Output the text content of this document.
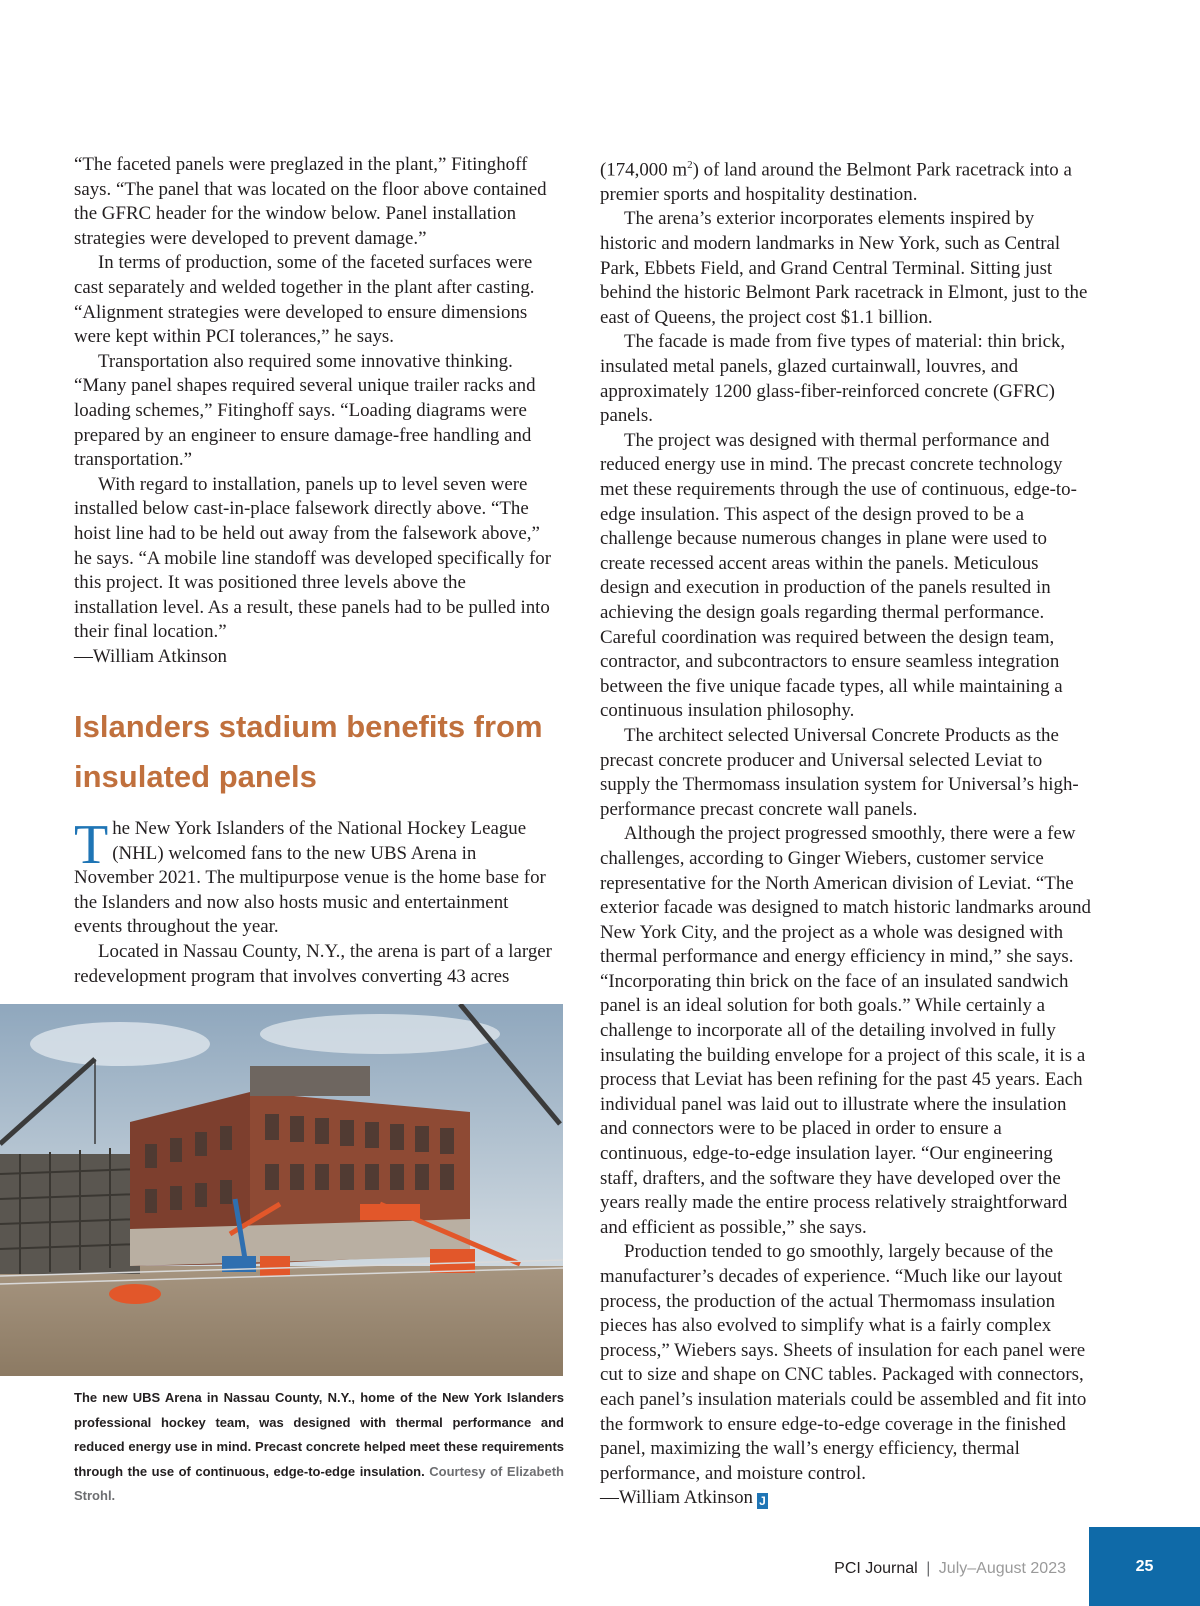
“The faceted panels were preglazed in the plant,” Fitinghoff says. “The panel that was located on the floor above contained the GFRC header for the window below. Panel installation strategies were developed to prevent damage.”

In terms of production, some of the faceted surfaces were cast separately and welded together in the plant after casting. “Alignment strategies were developed to ensure dimensions were kept within PCI tolerances,” he says.

Transportation also required some innovative thinking. “Many panel shapes required several unique trailer racks and loading schemes,” Fitinghoff says. “Loading diagrams were prepared by an engineer to ensure damage-free handling and transportation.”

With regard to installation, panels up to level seven were installed below cast-in-place falsework directly above. “The hoist line had to be held out away from the falsework above,” he says. “A mobile line standoff was developed specifically for this project. It was positioned three levels above the installation level. As a result, these panels had to be pulled into their final location.”

—William Atkinson

Islanders stadium benefits from insulated panels

The New York Islanders of the National Hockey League (NHL) welcomed fans to the new UBS Arena in November 2021. The multipurpose venue is the home base for the Islanders and now also hosts music and entertainment events throughout the year.

Located in Nassau County, N.Y., the arena is part of a larger redevelopment program that involves converting 43 acres

The new UBS Arena in Nassau County, N.Y., home of the New York Islanders professional hockey team, was designed with thermal performance and reduced energy use in mind. Precast concrete helped meet these requirements through the use of continuous, edge-to-edge insulation. Courtesy of Elizabeth Strohl.

(174,000 $m^2$) of land around the Belmont Park racetrack into a premier sports and hospitality destination.

The arena’s exterior incorporates elements inspired by historic and modern landmarks in New York, such as Central Park, Ebbets Field, and Grand Central Terminal. Sitting just behind the historic Belmont Park racetrack in Elmont, just to the east of Queens, the project cost $1.1 billion.

The facade is made from five types of material: thin brick, insulated metal panels, glazed curtainwall, louvres, and approximately 1200 glass-fiber-reinforced concrete (GFRC) panels.

The project was designed with thermal performance and reduced energy use in mind. The precast concrete technology met these requirements through the use of continuous, edge-to-edge insulation. This aspect of the design proved to be a challenge because numerous changes in plane were used to create recessed accent areas within the panels. Meticulous design and execution in production of the panels resulted in achieving the design goals regarding thermal performance. Careful coordination was required between the design team, contractor, and subcontractors to ensure seamless integration between the five unique facade types, all while maintaining a continuous insulation philosophy.

The architect selected Universal Concrete Products as the precast concrete producer and Universal selected Leviat to supply the Thermomass insulation system for Universal’s high-performance precast concrete wall panels.

Although the project progressed smoothly, there were a few challenges, according to Ginger Wiebers, customer service representative for the North American division of Leviat. “The exterior facade was designed to match historic landmarks around New York City, and the project as a whole was designed with thermal performance and energy efficiency in mind,” she says. “Incorporating thin brick on the face of an insulated sandwich panel is an ideal solution for both goals.” While certainly a challenge to incorporate all of the detailing involved in fully insulating the building envelope for a project of this scale, it is a process that Leviat has been refining for the past 45 years. Each individual panel was laid out to illustrate where the insulation and connectors were to be placed in order to ensure a continuous, edge-to-edge insulation layer. “Our engineering staff, drafters, and the software they have developed over the years really made the entire process relatively straightforward and efficient as possible,” she says.

Production tended to go smoothly, largely because of the manufacturer’s decades of experience. “Much like our layout process, the production of the actual Thermomass insulation pieces has also evolved to simplify what is a fairly complex process,” Wiebers says. Sheets of insulation for each panel were cut to size and shape on CNC tables. Packaged with connectors, each panel’s insulation materials could be assembled and fit into the formwork to ensure edge-to-edge coverage in the finished panel, maximizing the wall’s energy efficiency, thermal performance, and moisture control.

—William Atkinson J

PCI Journal | July–August 2023	25
